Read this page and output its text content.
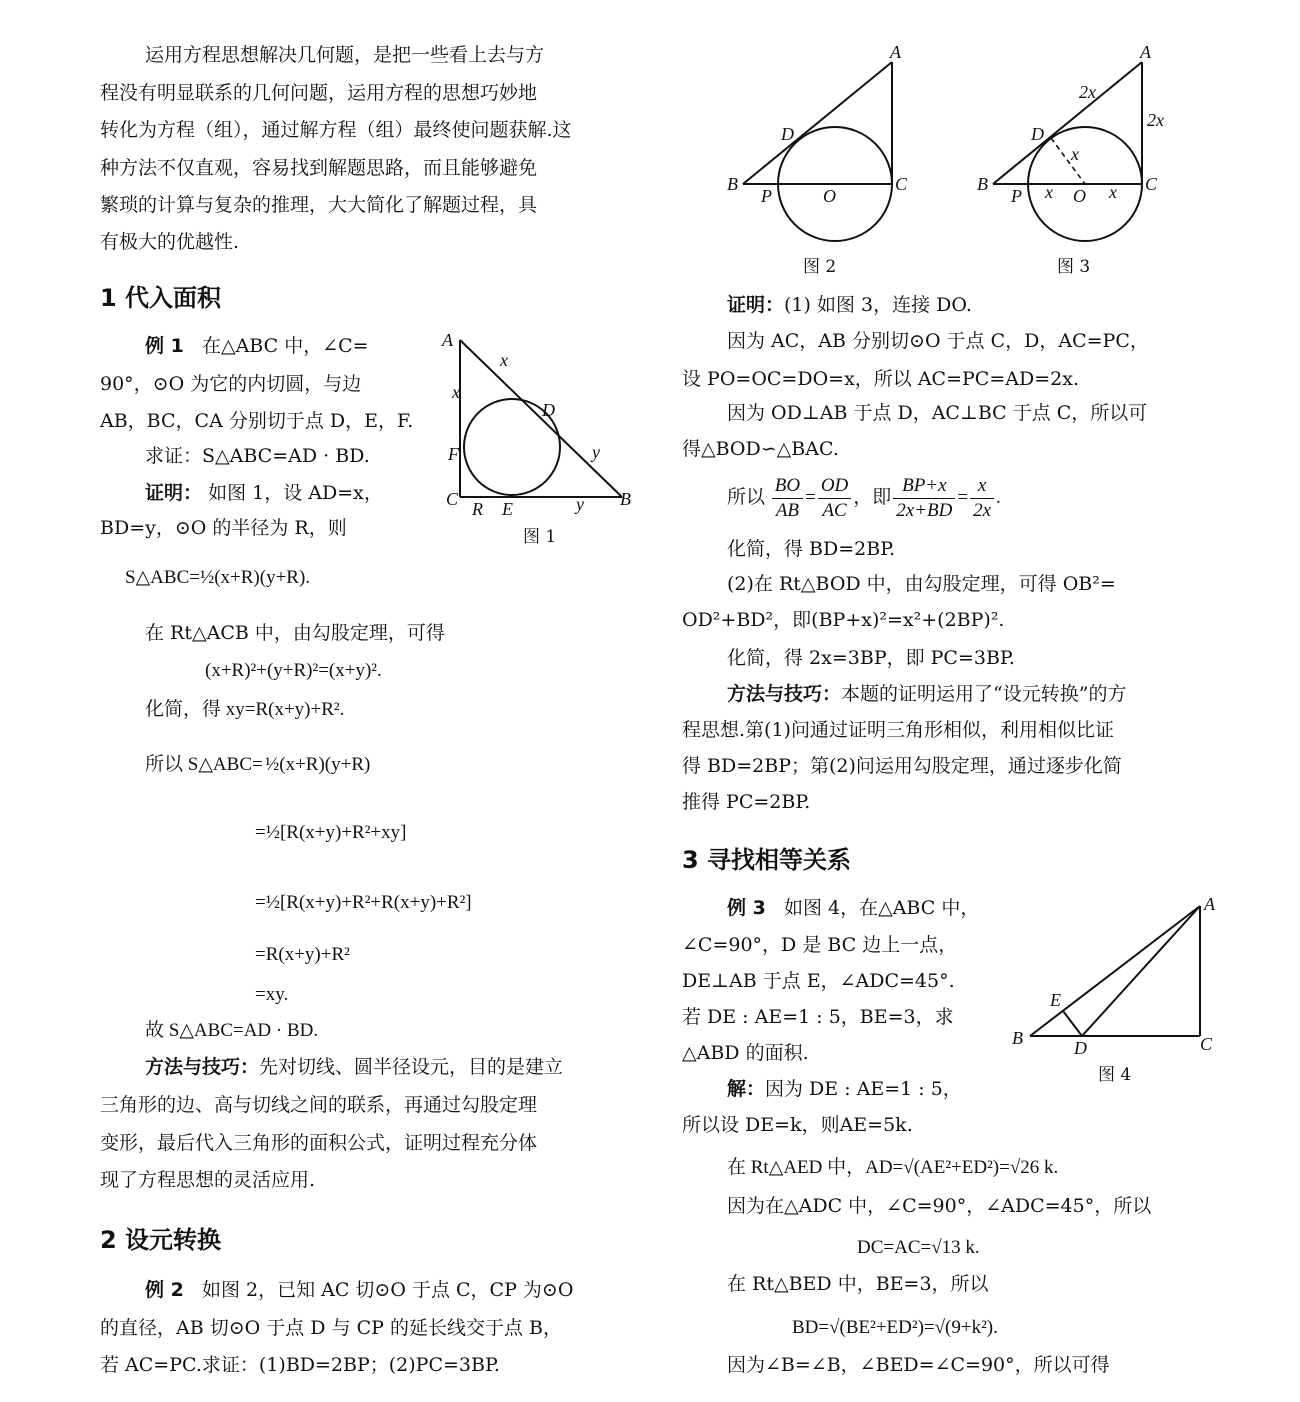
运用方程思想解决几何题，是把一些看上去与方
程没有明显联系的几何问题，运用方程的思想巧妙地
转化为方程（组），通过解方程（组）最终使问题获解.这
种方法不仅直观，容易找到解题思路，而且能够避免
繁琐的计算与复杂的推理，大大简化了解题过程，具
有极大的优越性.
1 代入面积
例 1 在△ABC 中，∠C=
90°，⊙O 为它的内切圆，与边
AB，BC，CA 分别切于点 D，E，F.
求证：S△ABC=AD · BD.
证明： 如图 1，设 AD=x，
BD=y，⊙O 的半径为 R，则
S△ABC=½(x+R)(y+R).
在 Rt△ACB 中，由勾股定理，可得
(x+R)²+(y+R)²=(x+y)².
化简，得 xy=R(x+y)+R².
所以 S△ABC= ½(x+R)(y+R)
=½[R(x+y)+R²+xy]
=½[R(x+y)+R²+R(x+y)+R²]
=R(x+y)+R²
=xy.
故 S△ABC=AD · BD.
方法与技巧：先对切线、圆半径设元，目的是建立
三角形的边、高与切线之间的联系，再通过勾股定理
变形，最后代入三角形的面积公式，证明过程充分体
现了方程思想的灵活应用.
2 设元转换
例 2 如图 2，已知 AC 切⊙O 于点 C，CP 为⊙O
的直径，AB 切⊙O 于点 D 与 CP 的延长线交于点 B，
若 AC=PC.求证：(1)BD=2BP；(2)PC=3BP.
A
x
x
D
F	y
C R E	y B
图 1
A
D
B
P	O
C
图 2
A
2x
2x
D
x
B
P x O x C
图 3
证明：(1) 如图 3，连接 DO.
因为 AC，AB 分别切⊙O 于点 C，D，AC=PC，
设 PO=OC=DO=x，所以 AC=PC=AD=2x.
因为 OD⊥AB 于点 D，AC⊥BC 于点 C，所以可
得△BOD∽△BAC.
所以 $\frac{BO}{AB} = \frac{OD}{AC}$ ，即 $\frac{BP+x}{2x+BD} = \frac{x}{2x}$ .
化简，得 BD=2BP.
(2)在 Rt△BOD 中，由勾股定理，可得 OB²=
OD²+BD²，即(BP+x)²=x²+(2BP)².
化简，得 2x=3BP，即 PC=3BP.
方法与技巧：本题的证明运用了“设元转换”的方
程思想.第(1)问通过证明三角形相似，利用相似比证
得 BD=2BP；第(2)问运用勾股定理，通过逐步化简
推得 PC=2BP.
3 寻找相等关系
例 3 如图 4，在△ABC 中，
∠C=90°，D 是 BC 边上一点，
DE⊥AB 于点 E，∠ADC=45°.
若 DE : AE=1 : 5，BE=3，求
△ABD 的面积.
解：因为 DE : AE=1 : 5，
所以设 DE=k，则AE=5k.
在 Rt△AED 中，AD=√(AE²+ED²)=√26 k.
因为在△ADC 中，∠C=90°，∠ADC=45°，所以
DC=AC=√13 k.
在 Rt△BED 中，BE=3，所以
BD=√(BE²+ED²)=√(9+k²).
因为∠B=∠B，∠BED=∠C=90°，所以可得
A
E
B	D	C
图 4
